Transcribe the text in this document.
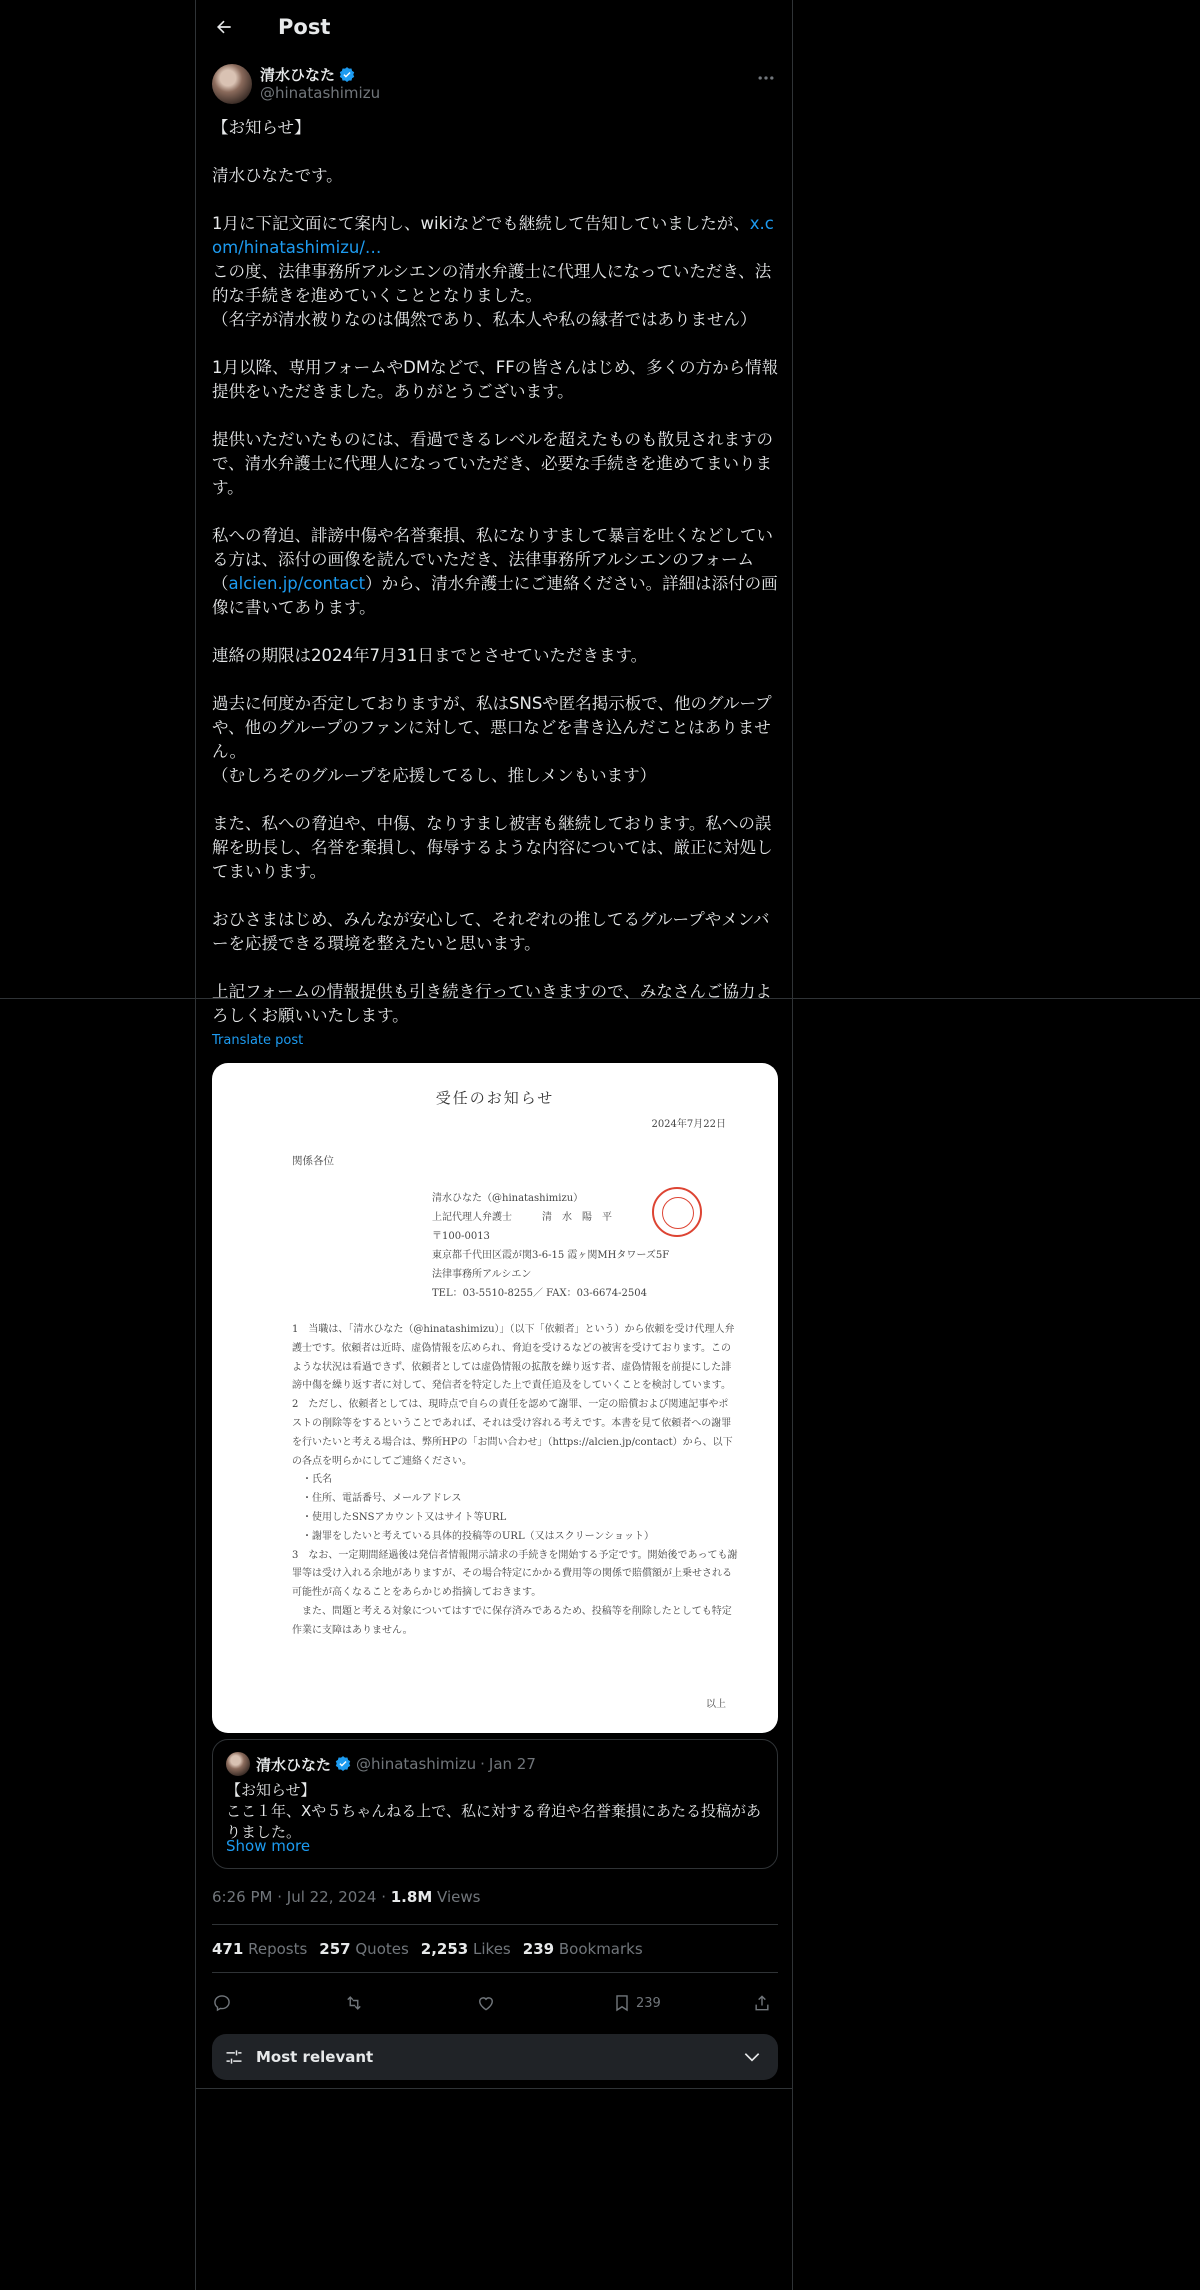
Post
清水ひなた
@hinatashimizu
【お知らせ】

清水ひなたです。

1月に下記文面にて案内し、wikiなどでも継続して告知していましたが、x.com/hinatashimizu/…
この度、法律事務所アルシエンの清水弁護士に代理人になっていただき、法的な手続きを進めていくこととなりました。
（名字が清水被りなのは偶然であり、私本人や私の縁者ではありません）

1月以降、専用フォームやDMなどで、FFの皆さんはじめ、多くの方から情報提供をいただきました。ありがとうございます。

提供いただいたものには、看過できるレベルを超えたものも散見されますので、清水弁護士に代理人になっていただき、必要な手続きを進めてまいります。

私への脅迫、誹謗中傷や名誉棄損、私になりすまして暴言を吐くなどしている方は、添付の画像を読んでいただき、法律事務所アルシエンのフォーム（alcien.jp/contact）から、清水弁護士にご連絡ください。詳細は添付の画像に書いてあります。

連絡の期限は2024年7月31日までとさせていただきます。

過去に何度か否定しておりますが、私はSNSや匿名掲示板で、他のグループや、他のグループのファンに対して、悪口などを書き込んだことはありません。
（むしろそのグループを応援してるし、推しメンもいます）

また、私への脅迫や、中傷、なりすまし被害も継続しております。私への誤解を助長し、名誉を棄損し、侮辱するような内容については、厳正に対処してまいります。

おひさまはじめ、みんなが安心して、それぞれの推してるグループやメンバーを応援できる環境を整えたいと思います。

上記フォームの情報提供も引き続き行っていきますので、みなさんご協力よろしくお願いいたします。
Translate post
受任のお知らせ
2024年7月22日
関係各位
清水ひなた（@hinatashimizu）
上記代理人弁護士　　　清　水　陽　平
〒100-0013
東京都千代田区霞が関3-6-15 霞ヶ関MHタワーズ5F
法律事務所アルシエン
TEL：03-5510-8255／ FAX：03-6674-2504

1　当職は、「清水ひなた（@hinatashimizu）」（以下「依頼者」という）から依頼を受け代理人弁護士です。依頼者は近時、虚偽情報を広められ、脅迫を受けるなどの被害を受けております。このような状況は看過できず、依頼者としては虚偽情報の拡散を繰り返す者、虚偽情報を前提にした誹謗中傷を繰り返す者に対して、発信者を特定した上で責任追及をしていくことを検討しています。

2　ただし、依頼者としては、現時点で自らの責任を認めて謝罪、一定の賠償および関連記事やポストの削除等をするということであれば、それは受け容れる考えです。本書を見て依頼者への謝罪を行いたいと考える場合は、弊所HPの「お問い合わせ」（https://alcien.jp/contact）から、以下の各点を明らかにしてご連絡ください。

　・氏名

　・住所、電話番号、メールアドレス

　・使用したSNSアカウント又はサイト等URL

　・謝罪をしたいと考えている具体的投稿等のURL（又はスクリーンショット）

3　なお、一定期間経過後は発信者情報開示請求の手続きを開始する予定です。開始後であっても謝罪等は受け入れる余地がありますが、その場合特定にかかる費用等の関係で賠償額が上乗せされる可能性が高くなることをあらかじめ指摘しておきます。

　また、問題と考える対象についてはすでに保存済みであるため、投稿等を削除したとしても特定作業に支障はありません。

以上
清水ひなた @hinatashimizu · Jan 27
【お知らせ】
ここ１年、Xや５ちゃんねる上で、私に対する脅迫や名誉棄損にあたる投稿がありました。
Show more
6:26 PM · Jul 22, 2024 · 1.8M Views
471 Reposts 257 Quotes 2,253 Likes 239 Bookmarks
239
Most relevant
